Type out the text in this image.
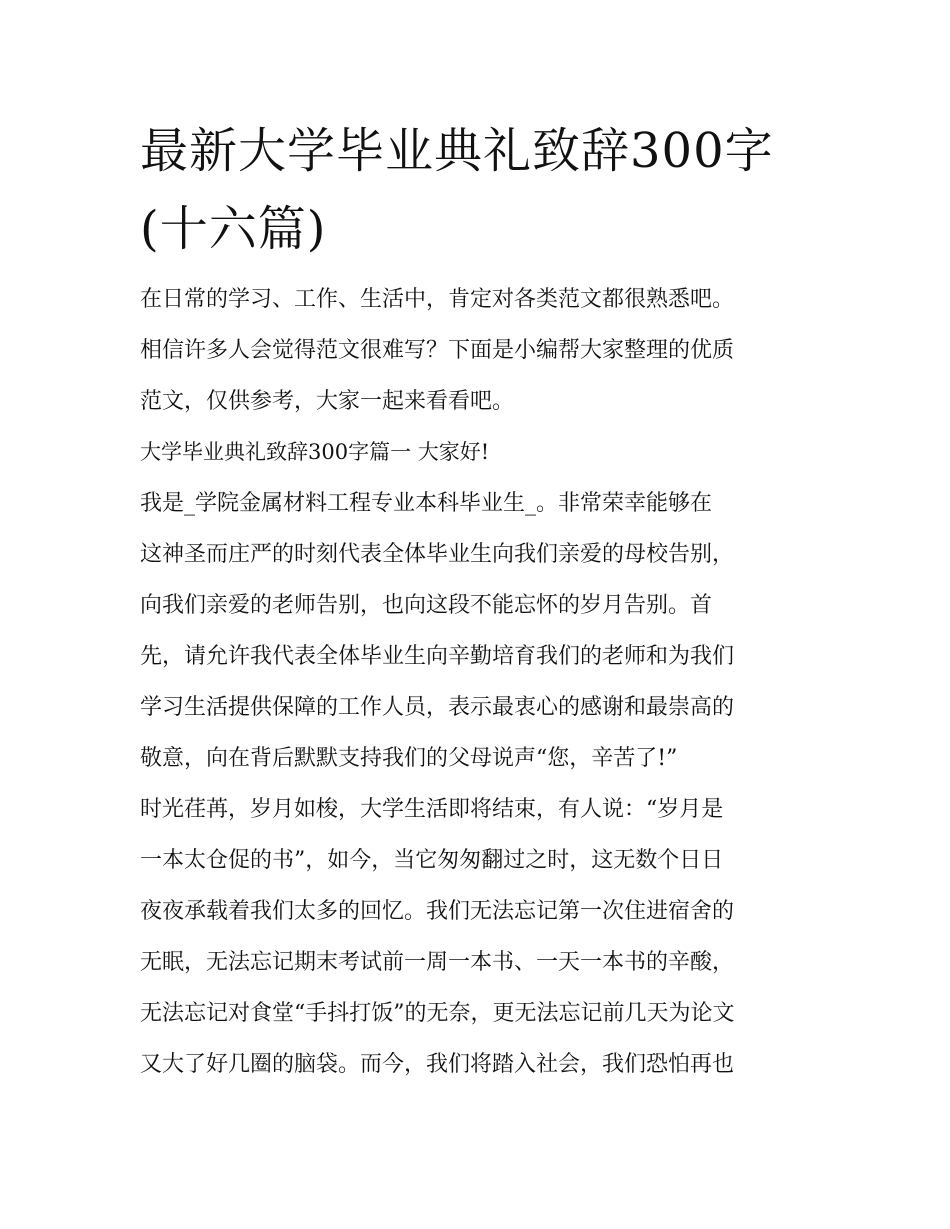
最新大学毕业典礼致辞300字
(十六篇)
在日常的学习、工作、生活中，肯定对各类范文都很熟悉吧。
相信许多人会觉得范文很难写？下面是小编帮大家整理的优质
范文，仅供参考，大家一起来看看吧。
大学毕业典礼致辞300字篇一 大家好!
我是_学院金属材料工程专业本科毕业生_。非常荣幸能够在
这神圣而庄严的时刻代表全体毕业生向我们亲爱的母校告别，
向我们亲爱的老师告别，也向这段不能忘怀的岁月告别。首
先，请允许我代表全体毕业生向辛勤培育我们的老师和为我们
学习生活提供保障的工作人员，表示最衷心的感谢和最崇高的
敬意，向在背后默默支持我们的父母说声“您，辛苦了!”
时光荏苒，岁月如梭，大学生活即将结束，有人说：“岁月是
一本太仓促的书”，如今，当它匆匆翻过之时，这无数个日日
夜夜承载着我们太多的回忆。我们无法忘记第一次住进宿舍的
无眠，无法忘记期末考试前一周一本书、一天一本书的辛酸，
无法忘记对食堂“手抖打饭”的无奈，更无法忘记前几天为论文
又大了好几圈的脑袋。而今，我们将踏入社会，我们恐怕再也
